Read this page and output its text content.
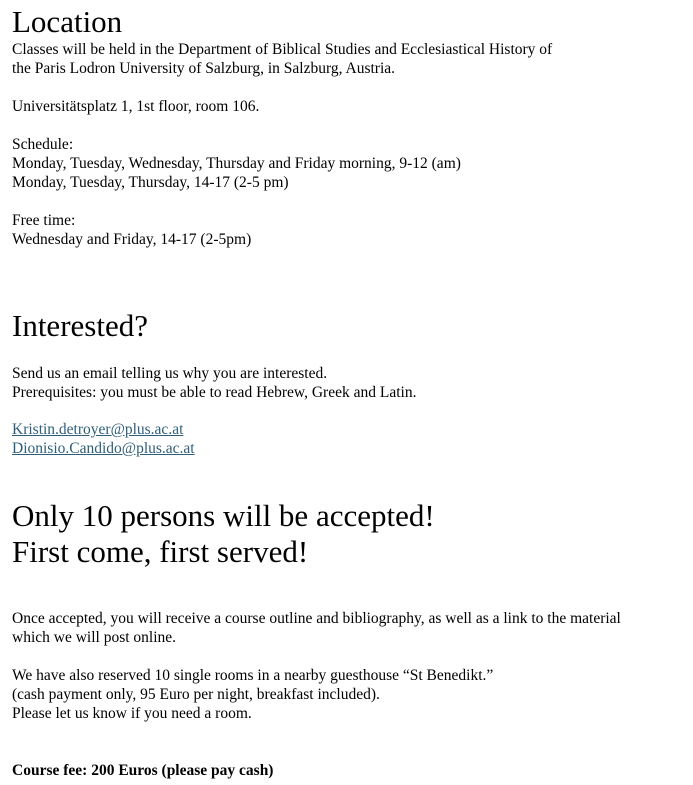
Location

Classes will be held in the Department of Biblical Studies and Ecclesiastical History of

the Paris Lodron University of Salzburg, in Salzburg, Austria.

Universitätsplatz 1, 1st floor, room 106.

Schedule:

Monday, Tuesday, Wednesday, Thursday and Friday morning, 9-12 (am)

Monday, Tuesday, Thursday, 14-17 (2-5 pm)

Free time:

Wednesday and Friday, 14-17 (2-5pm)

Interested?

Send us an email telling us why you are interested.

Prerequisites: you must be able to read Hebrew, Greek and Latin.

Kristin.detroyer@plus.ac.at

Dionisio.Candido@plus.ac.at

Only 10 persons will be accepted!
First come, first served!

Once accepted, you will receive a course outline and bibliography, as well as a link to the material

which we will post online.

We have also reserved 10 single rooms in a nearby guesthouse “St Benedikt.”

(cash payment only, 95 Euro per night, breakfast included).

Please let us know if you need a room.

Course fee: 200 Euros (please pay cash)
